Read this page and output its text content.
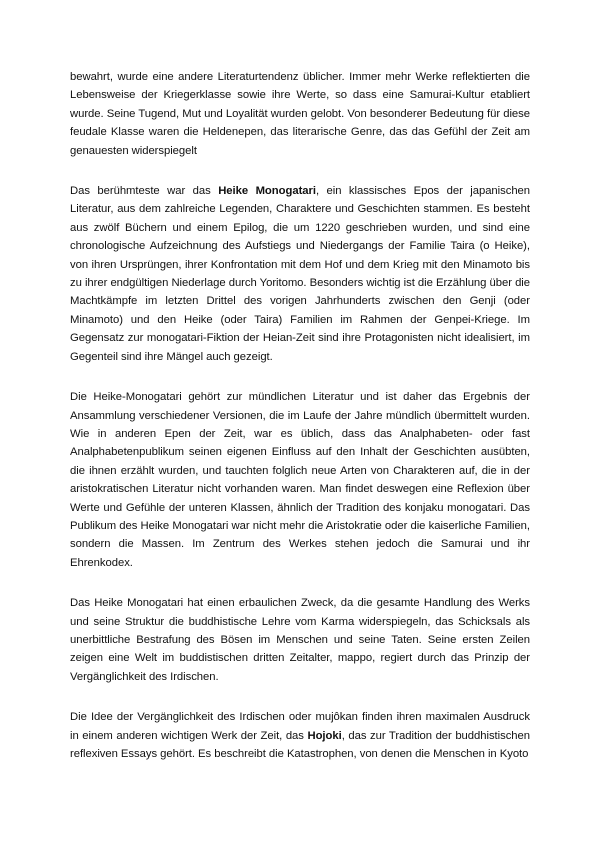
bewahrt, wurde eine andere Literaturtendenz üblicher. Immer mehr Werke reflektierten die Lebensweise der Kriegerklasse sowie ihre Werte, so dass eine Samurai-Kultur etabliert wurde. Seine Tugend, Mut und Loyalität wurden gelobt. Von besonderer Bedeutung für diese feudale Klasse waren die Heldenepen, das literarische Genre, das das Gefühl der Zeit am genauesten widerspiegelt

Das berühmteste war das Heike Monogatari, ein klassisches Epos der japanischen Literatur, aus dem zahlreiche Legenden, Charaktere und Geschichten stammen. Es besteht aus zwölf Büchern und einem Epilog, die um 1220 geschrieben wurden, und sind eine chronologische Aufzeichnung des Aufstiegs und Niedergangs der Familie Taira (o Heike), von ihren Ursprüngen, ihrer Konfrontation mit dem Hof und dem Krieg mit den Minamoto bis zu ihrer endgültigen Niederlage durch Yoritomo. Besonders wichtig ist die Erzählung über die Machtkämpfe im letzten Drittel des vorigen Jahrhunderts zwischen den Genji (oder Minamoto) und den Heike (oder Taira) Familien im Rahmen der Genpei-Kriege. Im Gegensatz zur monogatari-Fiktion der Heian-Zeit sind ihre Protagonisten nicht idealisiert, im Gegenteil sind ihre Mängel auch gezeigt.

Die Heike-Monogatari gehört zur mündlichen Literatur und ist daher das Ergebnis der Ansammlung verschiedener Versionen, die im Laufe der Jahre mündlich übermittelt wurden. Wie in anderen Epen der Zeit, war es üblich, dass das Analphabeten- oder fast Analphabetenpublikum seinen eigenen Einfluss auf den Inhalt der Geschichten ausübten, die ihnen erzählt wurden, und tauchten folglich neue Arten von Charakteren auf, die in der aristokratischen Literatur nicht vorhanden waren. Man findet deswegen eine Reflexion über Werte und Gefühle der unteren Klassen, ähnlich der Tradition des konjaku monogatari. Das Publikum des Heike Monogatari war nicht mehr die Aristokratie oder die kaiserliche Familien, sondern die Massen. Im Zentrum des Werkes stehen jedoch die Samurai und ihr Ehrenkodex.

Das Heike Monogatari hat einen erbaulichen Zweck, da die gesamte Handlung des Werks und seine Struktur die buddhistische Lehre vom Karma widerspiegeln, das Schicksals als unerbittliche Bestrafung des Bösen im Menschen und seine Taten. Seine ersten Zeilen zeigen eine Welt im buddistischen dritten Zeitalter, mappo, regiert durch das Prinzip der Vergänglichkeit des Irdischen.

Die Idee der Vergänglichkeit des Irdischen oder mujôkan finden ihren maximalen Ausdruck in einem anderen wichtigen Werk der Zeit, das Hojoki, das zur Tradition der buddhistischen reflexiven Essays gehört. Es beschreibt die Katastrophen, von denen die Menschen in Kyoto
